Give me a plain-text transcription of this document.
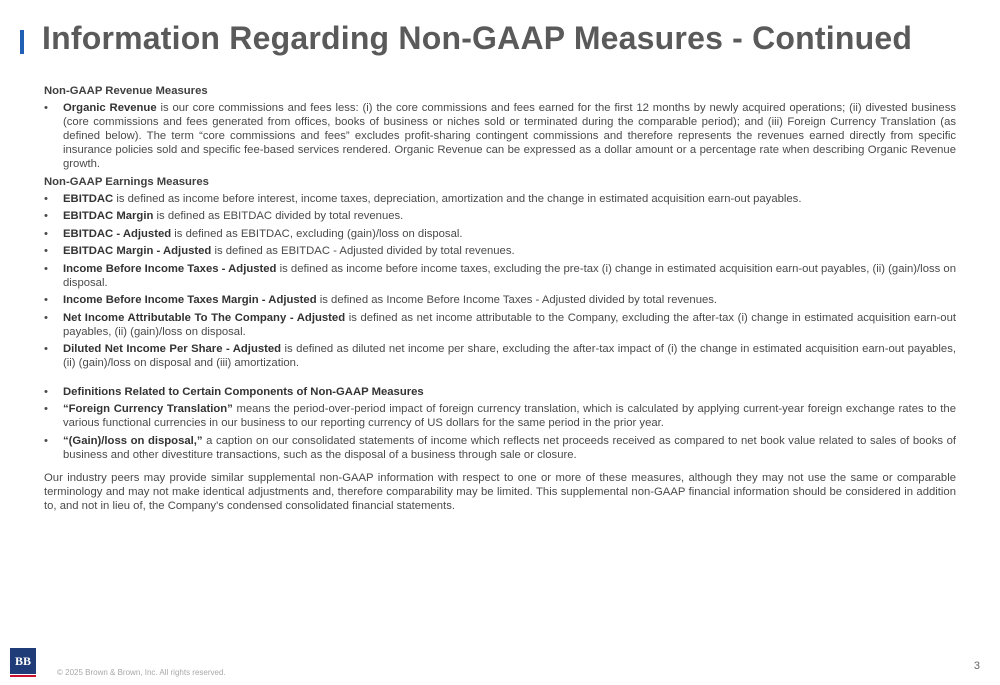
Information Regarding Non-GAAP Measures - Continued
Non-GAAP Revenue Measures
• Organic Revenue is our core commissions and fees less: (i) the core commissions and fees earned for the first 12 months by newly acquired operations; (ii) divested business (core commissions and fees generated from offices, books of business or niches sold or terminated during the comparable period); and (iii) Foreign Currency Translation (as defined below). The term “core commissions and fees” excludes profit-sharing contingent commissions and therefore represents the revenues earned directly from specific insurance policies sold and specific fee-based services rendered. Organic Revenue can be expressed as a dollar amount or a percentage rate when describing Organic Revenue growth.
Non-GAAP Earnings Measures
• EBITDAC is defined as income before interest, income taxes, depreciation, amortization and the change in estimated acquisition earn-out payables.
• EBITDAC Margin is defined as EBITDAC divided by total revenues.
• EBITDAC - Adjusted is defined as EBITDAC, excluding (gain)/loss on disposal.
• EBITDAC Margin - Adjusted is defined as EBITDAC - Adjusted divided by total revenues.
• Income Before Income Taxes - Adjusted is defined as income before income taxes, excluding the pre-tax (i) change in estimated acquisition earn-out payables, (ii) (gain)/loss on disposal.
• Income Before Income Taxes Margin - Adjusted is defined as Income Before Income Taxes - Adjusted divided by total revenues.
• Net Income Attributable To The Company - Adjusted is defined as net income attributable to the Company, excluding the after-tax (i) change in estimated acquisition earn-out payables, (ii) (gain)/loss on disposal.
• Diluted Net Income Per Share - Adjusted is defined as diluted net income per share, excluding the after-tax impact of (i) the change in estimated acquisition earn-out payables, (ii) (gain)/loss on disposal and (iii) amortization.
• Definitions Related to Certain Components of Non-GAAP Measures
• “Foreign Currency Translation” means the period-over-period impact of foreign currency translation, which is calculated by applying current-year foreign exchange rates to the various functional currencies in our business to our reporting currency of US dollars for the same period in the prior year.
• “(Gain)/loss on disposal,” a caption on our consolidated statements of income which reflects net proceeds received as compared to net book value related to sales of books of business and other divestiture transactions, such as the disposal of a business through sale or closure.

Our industry peers may provide similar supplemental non-GAAP information with respect to one or more of these measures, although they may not use the same or comparable terminology and may not make identical adjustments and, therefore comparability may be limited. This supplemental non-GAAP financial information should be considered in addition to, and not in lieu of, the Company's condensed consolidated financial statements.

BB
© 2025 Brown & Brown, Inc. All rights reserved.
3
